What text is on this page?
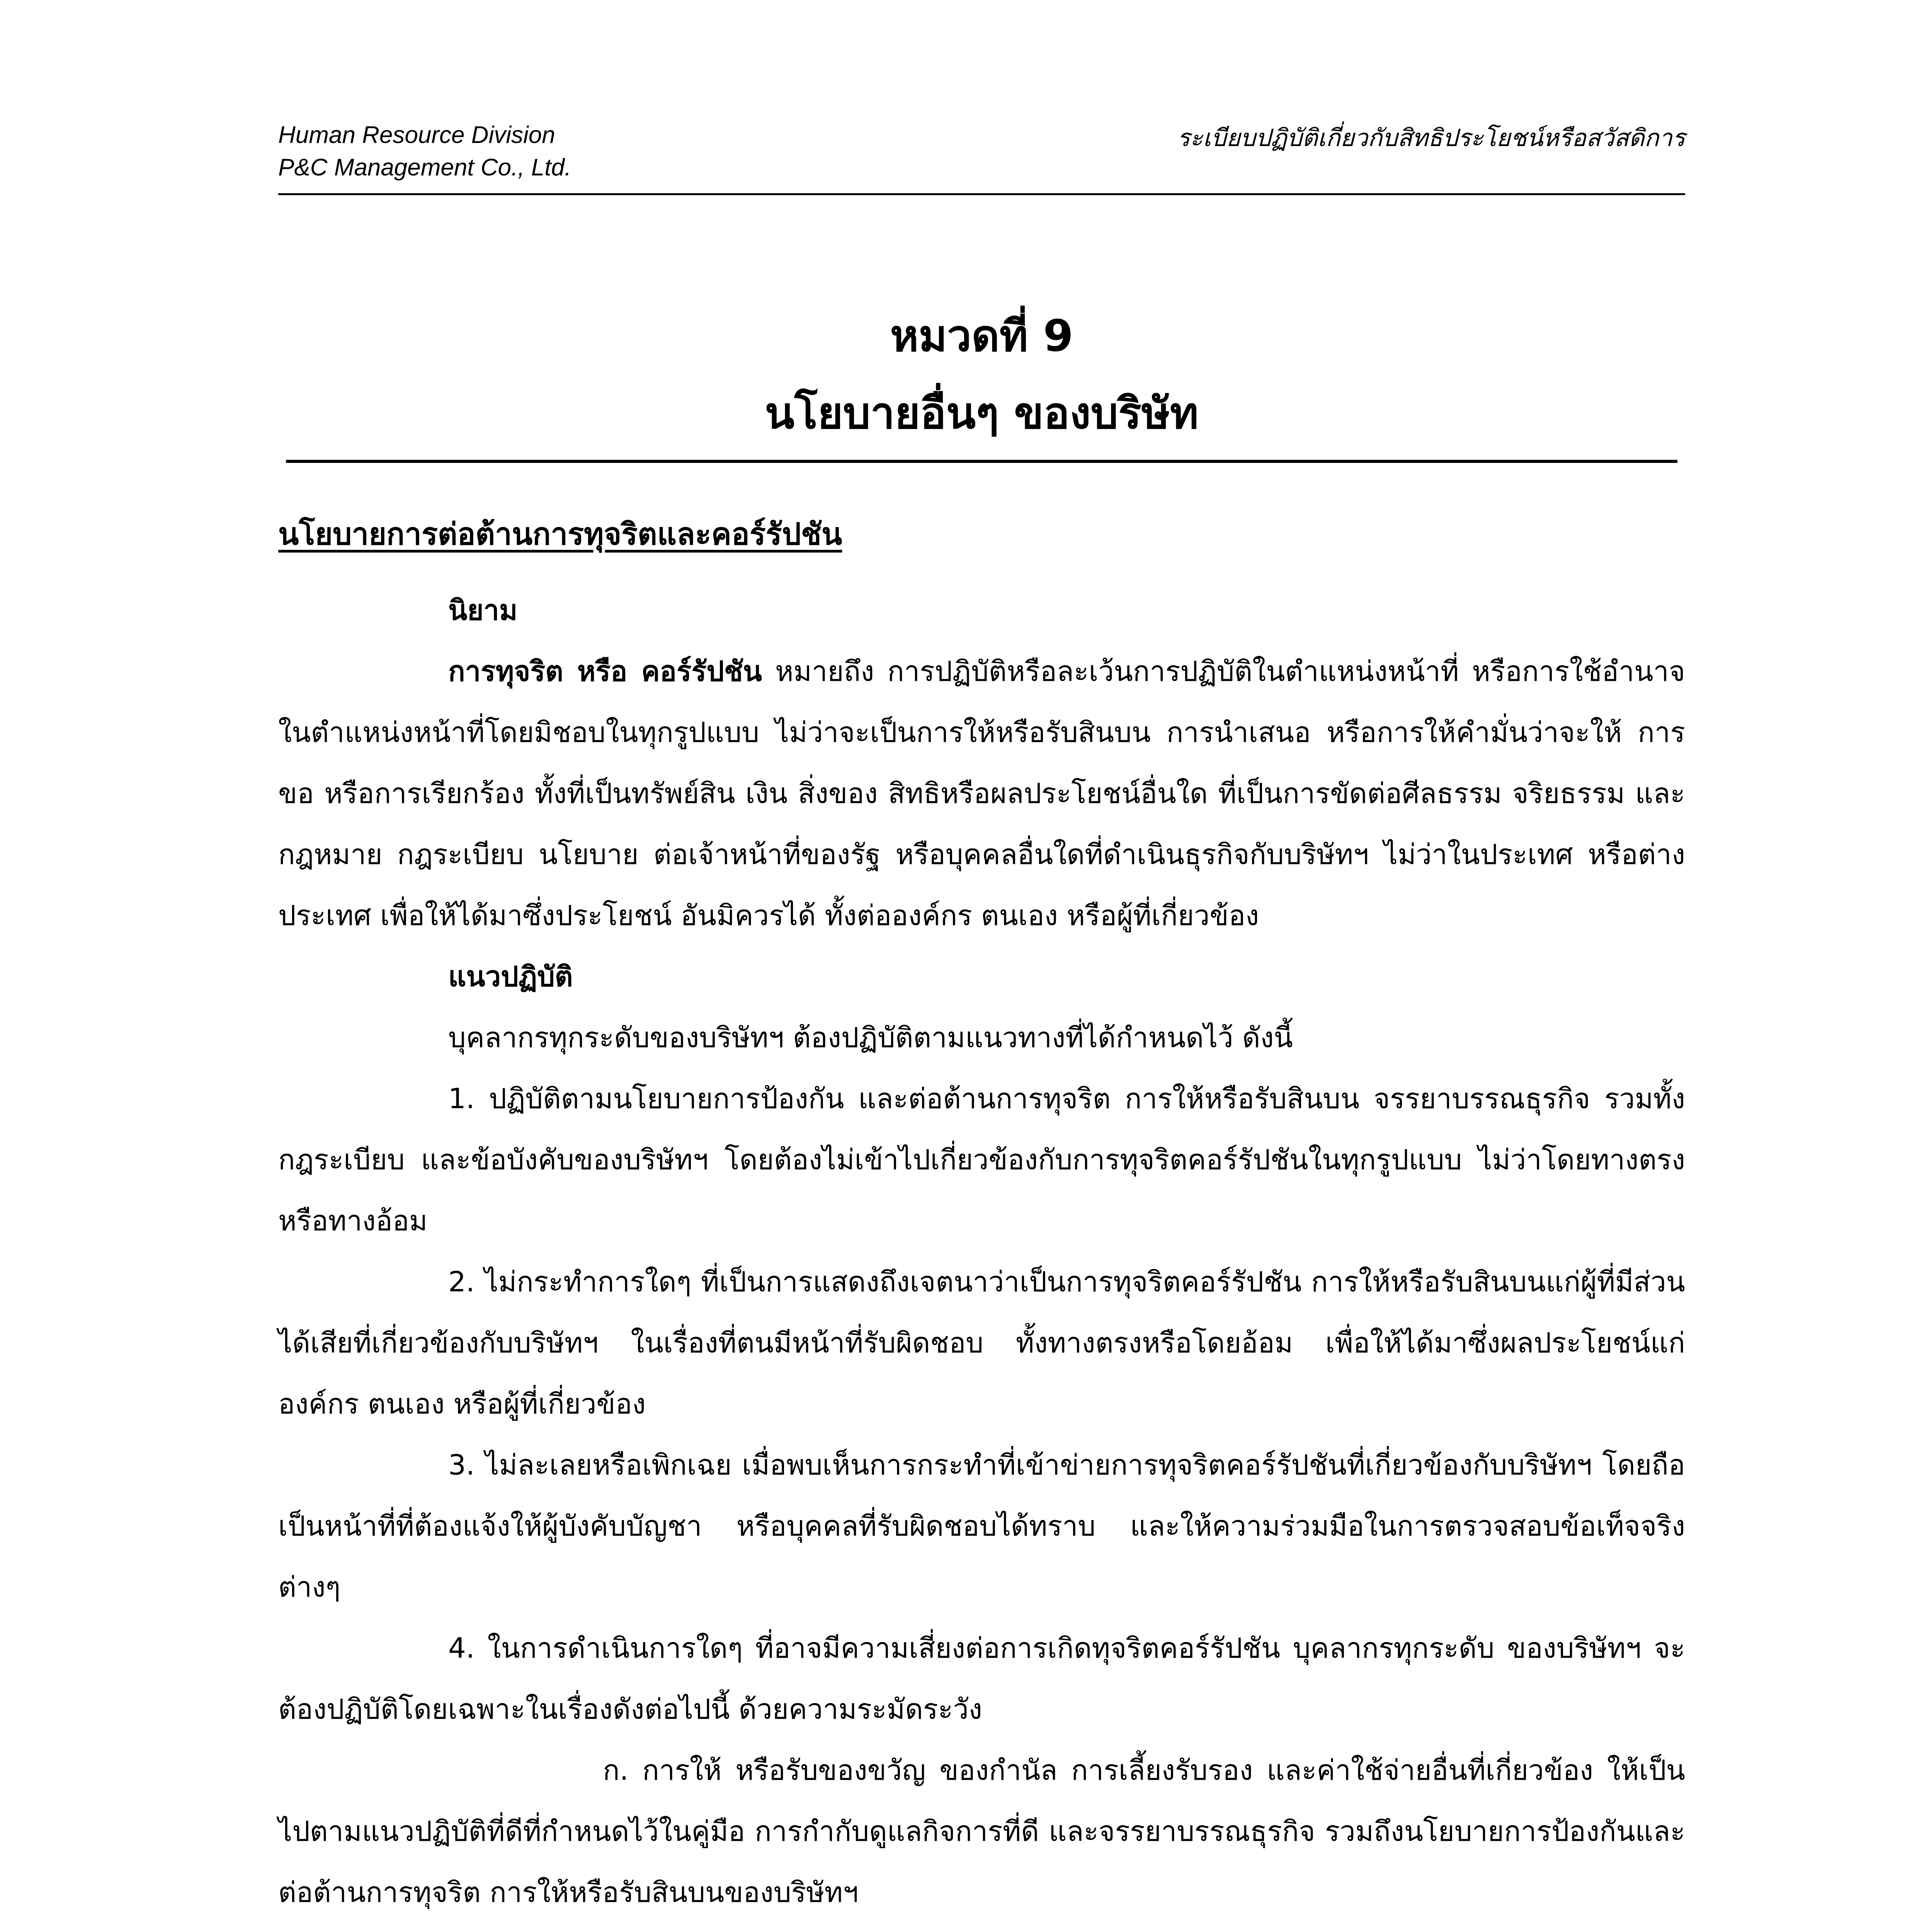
Human Resource Division
P&C Management Co., Ltd.
ระเบียบปฏิบัติเกี่ยวกับสิทธิประโยชน์หรือสวัสดิการ
หมวดที่ 9
นโยบายอื่นๆ ของบริษัท
นโยบายการต่อต้านการทุจริตและคอร์รัปชัน

นิยาม

การทุจริต หรือ คอร์รัปชัน หมายถึง การปฏิบัติหรือละเว้นการปฏิบัติในตำแหน่งหน้าที่ หรือการใช้อำนาจในตำแหน่งหน้าที่โดยมิชอบในทุกรูปแบบ ไม่ว่าจะเป็นการให้หรือรับสินบน การนำเสนอ หรือการให้คำมั่นว่าจะให้ การขอ หรือการเรียกร้อง ทั้งที่เป็นทรัพย์สิน เงิน สิ่งของ สิทธิหรือผลประโยชน์อื่นใด ที่เป็นการขัดต่อศีลธรรม จริยธรรม และกฎหมาย กฎระเบียบ นโยบาย ต่อเจ้าหน้าที่ของรัฐ หรือบุคคลอื่นใดที่ดำเนินธุรกิจกับบริษัทฯ ไม่ว่าในประเทศ หรือต่างประเทศ เพื่อให้ได้มาซึ่งประโยชน์ อันมิควรได้ ทั้งต่อองค์กร ตนเอง หรือผู้ที่เกี่ยวข้อง

แนวปฏิบัติ

บุคลากรทุกระดับของบริษัทฯ ต้องปฏิบัติตามแนวทางที่ได้กำหนดไว้ ดังนี้

1. ปฏิบัติตามนโยบายการป้องกัน และต่อต้านการทุจริต การให้หรือรับสินบน จรรยาบรรณธุรกิจ รวมทั้งกฎระเบียบ และข้อบังคับของบริษัทฯ โดยต้องไม่เข้าไปเกี่ยวข้องกับการทุจริตคอร์รัปชันในทุกรูปแบบ ไม่ว่าโดยทางตรงหรือทางอ้อม

2. ไม่กระทำการใดๆ ที่เป็นการแสดงถึงเจตนาว่าเป็นการทุจริตคอร์รัปชัน การให้หรือรับสินบนแก่ผู้ที่มีส่วนได้เสียที่เกี่ยวข้องกับบริษัทฯ ในเรื่องที่ตนมีหน้าที่รับผิดชอบ ทั้งทางตรงหรือโดยอ้อม เพื่อให้ได้มาซึ่งผลประโยชน์แก่องค์กร ตนเอง หรือผู้ที่เกี่ยวข้อง

3. ไม่ละเลยหรือเพิกเฉย เมื่อพบเห็นการกระทำที่เข้าข่ายการทุจริตคอร์รัปชันที่เกี่ยวข้องกับบริษัทฯ โดยถือเป็นหน้าที่ที่ต้องแจ้งให้ผู้บังคับบัญชา หรือบุคคลที่รับผิดชอบได้ทราบ และให้ความร่วมมือในการตรวจสอบข้อเท็จจริงต่างๆ

4. ในการดำเนินการใดๆ ที่อาจมีความเสี่ยงต่อการเกิดทุจริตคอร์รัปชัน บุคลากรทุกระดับ ของบริษัทฯ จะต้องปฏิบัติโดยเฉพาะในเรื่องดังต่อไปนี้ ด้วยความระมัดระวัง

ก. การให้ หรือรับของขวัญ ของกำนัล การเลี้ยงรับรอง และค่าใช้จ่ายอื่นที่เกี่ยวข้อง ให้เป็นไปตามแนวปฏิบัติที่ดีที่กำหนดไว้ในคู่มือ การกำกับดูแลกิจการที่ดี และจรรยาบรรณธุรกิจ รวมถึงนโยบายการป้องกันและต่อต้านการทุจริต การให้หรือรับสินบนของบริษัทฯ
